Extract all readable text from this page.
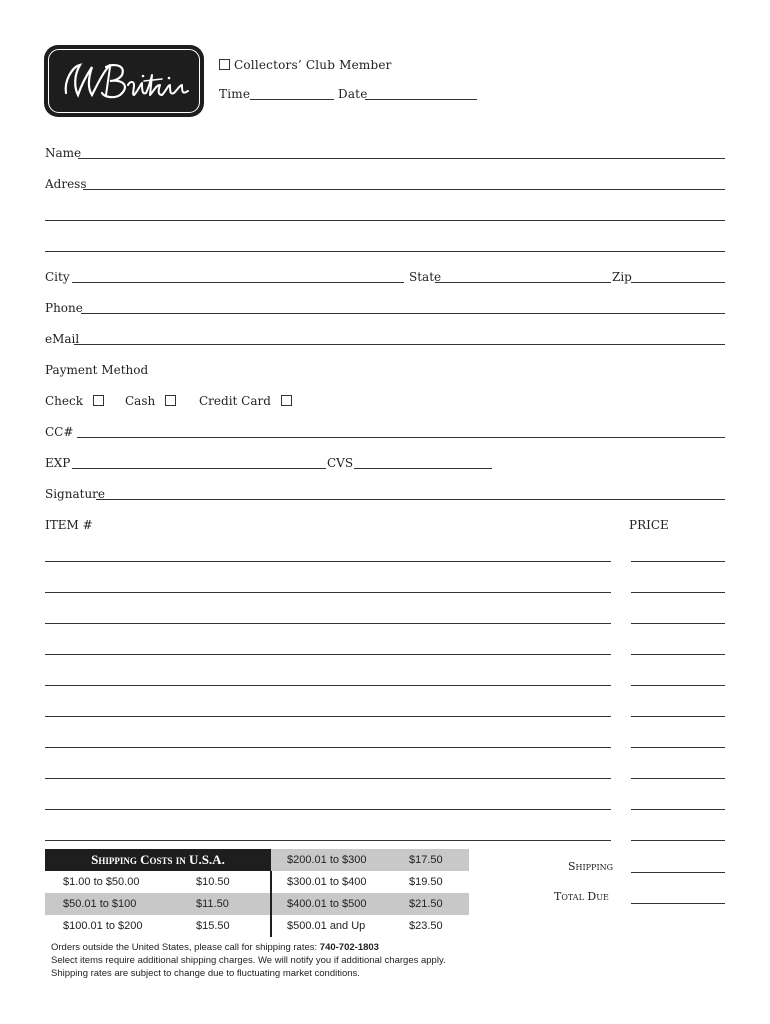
Collectors’ Club Member
Time	Date
Name
Adress
City	State	Zip
Phone
eMail
Payment Method
Check	Cash	Credit Card
CC#
EXP	CVS
Signature
ITEM #	PRICE
Shipping Costs in U.S.A.	$200.01 to $300	$17.50
$1.00 to $50.00	$10.50	$300.01 to $400	$19.50
$50.01 to $100	$11.50	$400.01 to $500	$21.50
$100.01 to $200	$15.50	$500.01 and Up	$23.50
Shipping
Total Due
Orders outside the United States, please call for shipping rates: 740-702-1803
Select items require additional shipping charges. We will notify you if additional charges apply.
Shipping rates are subject to change due to fluctuating market conditions.
